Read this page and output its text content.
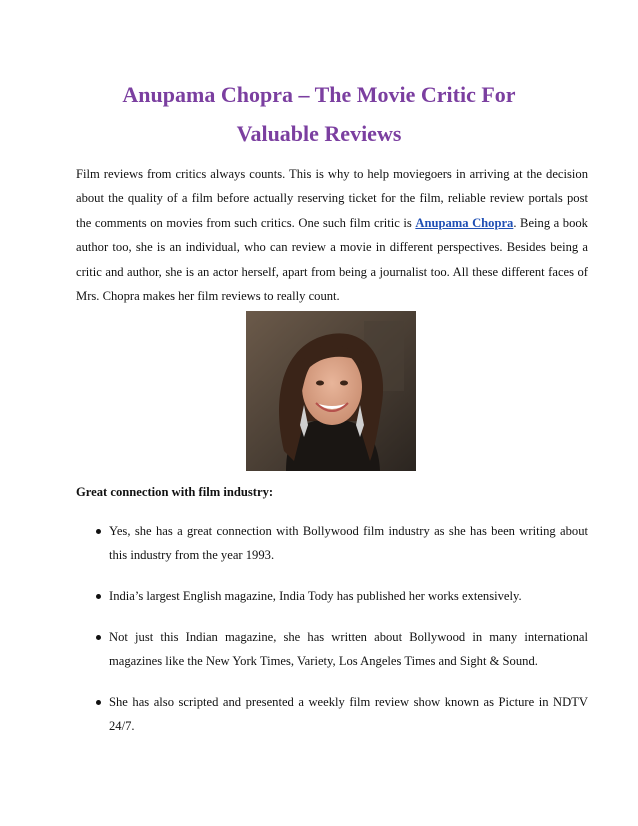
Anupama Chopra – The Movie Critic For
Valuable Reviews

Film reviews from critics always counts. This is why to help moviegoers in arriving at the decision about the quality of a film before actually reserving ticket for the film, reliable review portals post the comments on movies from such critics. One such film critic is Anupama Chopra. Being a book author too, she is an individual, who can review a movie in different perspectives. Besides being a critic and author, she is an actor herself, apart from being a journalist too. All these different faces of Mrs. Chopra makes her film reviews to really count.

Great connection with film industry:
Yes, she has a great connection with Bollywood film industry as she has been writing about this industry from the year 1993.
India’s largest English magazine, India Tody has published her works extensively.
Not just this Indian magazine, she has written about Bollywood in many international magazines like the New York Times, Variety, Los Angeles Times and Sight & Sound.
She has also scripted and presented a weekly film review show known as Picture in NDTV 24/7.
